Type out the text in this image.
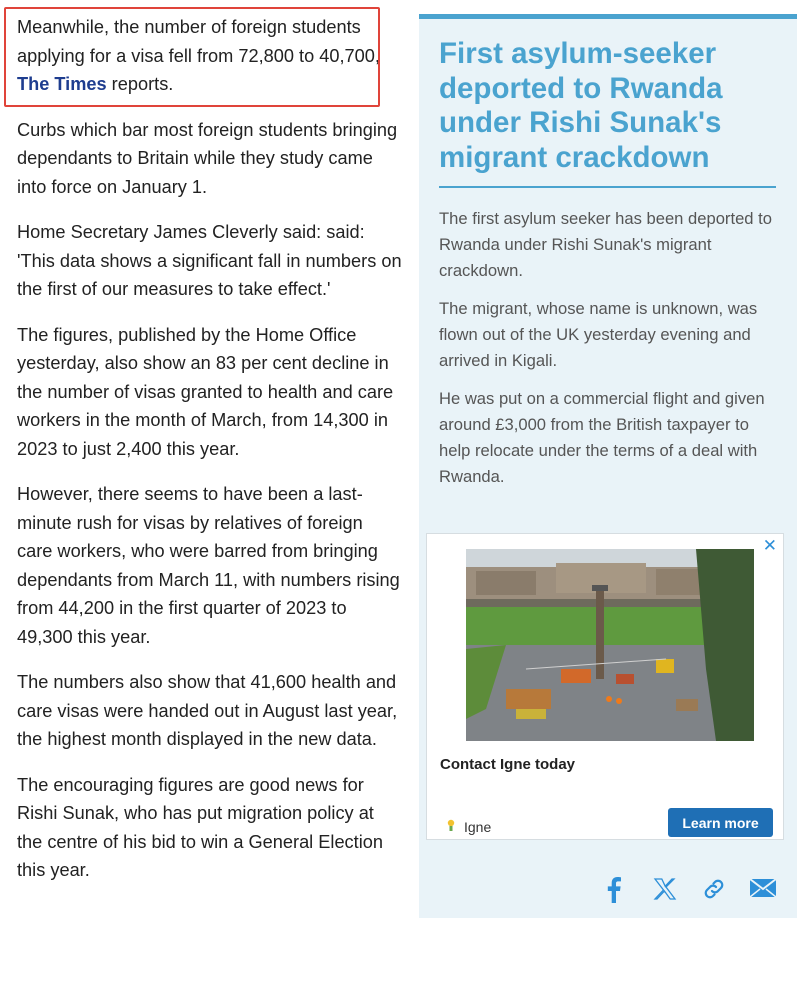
Meanwhile, the number of foreign students applying for a visa fell from 72,800 to 40,700, The Times reports.

Curbs which bar most foreign students bringing dependants to Britain while they study came into force on January 1.

Home Secretary James Cleverly said: said: 'This data shows a significant fall in numbers on the first of our measures to take effect.'

The figures, published by the Home Office yesterday, also show an 83 per cent decline in the number of visas granted to health and care workers in the month of March, from 14,300 in 2023 to just 2,400 this year.

However, there seems to have been a last-minute rush for visas by relatives of foreign care workers, who were barred from bringing dependants from March 11, with numbers rising from 44,200 in the first quarter of 2023 to 49,300 this year.

The numbers also show that 41,600 health and care visas were handed out in August last year, the highest month displayed in the new data.

The encouraging figures are good news for Rishi Sunak, who has put migration policy at the centre of his bid to win a General Election this year.

First asylum-seeker deported to Rwanda under Rishi Sunak's migrant crackdown

The first asylum seeker has been deported to Rwanda under Rishi Sunak's migrant crackdown.

The migrant, whose name is unknown, was flown out of the UK yesterday evening and arrived in Kigali.

He was put on a commercial flight and given around £3,000 from the British taxpayer to help relocate under the terms of a deal with Rwanda.

✕
Contact Igne today
Igne	Learn more
